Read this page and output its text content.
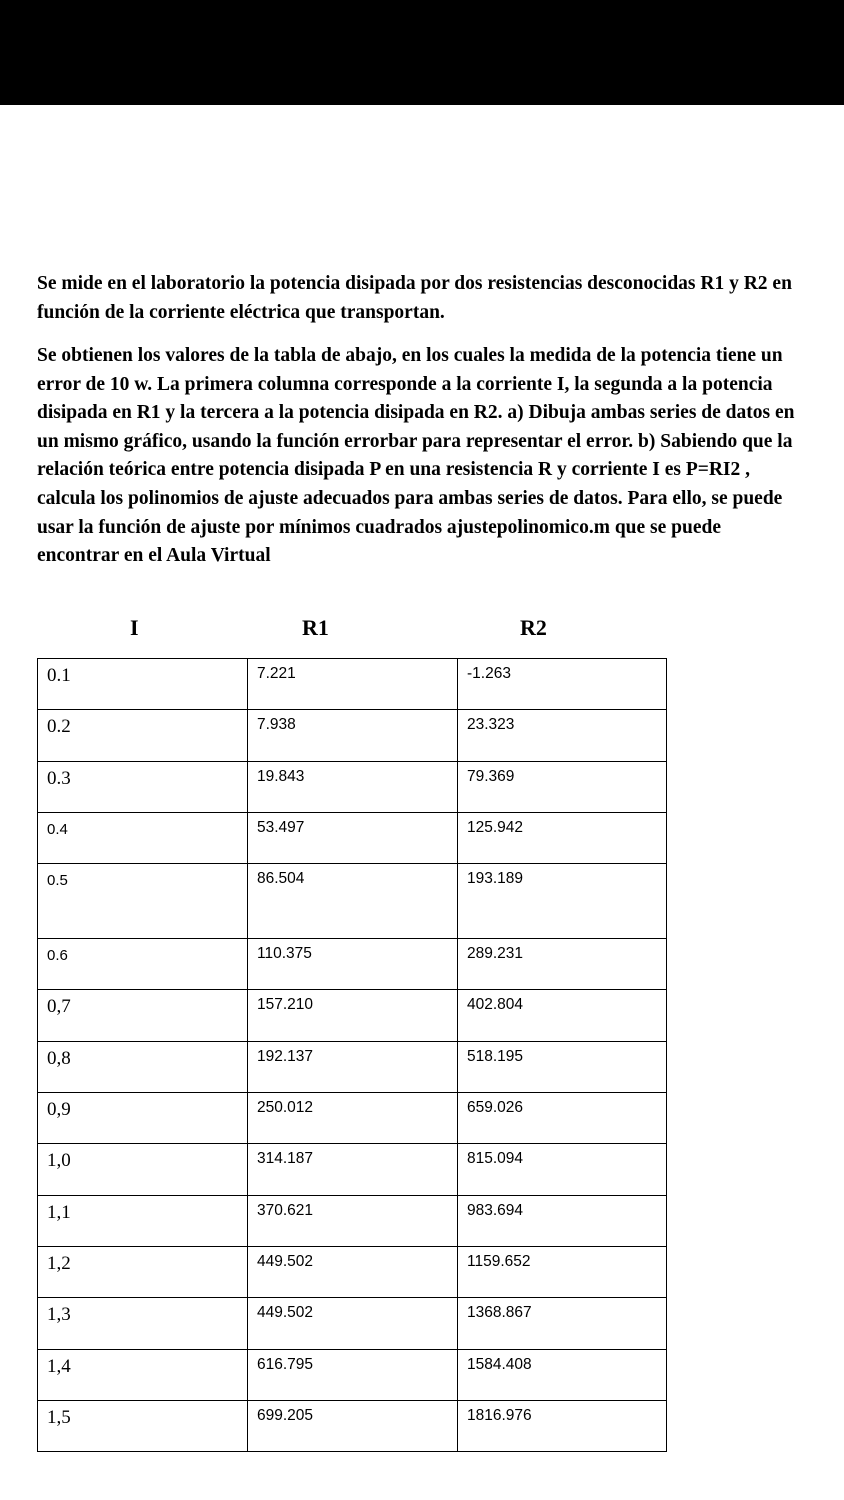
Se mide en el laboratorio la potencia disipada por dos resistencias desconocidas R1 y R2 en función de la corriente eléctrica que transportan.

Se obtienen los valores de la tabla de abajo, en los cuales la medida de la potencia tiene un error de 10 w. La primera columna corresponde a la corriente I, la segunda a la potencia disipada en R1 y la tercera a la potencia disipada en R2. a) Dibuja ambas series de datos en un mismo gráfico, usando la función errorbar para representar el error. b) Sabiendo que la relación teórica entre potencia disipada P en una resistencia R y corriente I es P=RI2 , calcula los polinomios de ajuste adecuados para ambas series de datos. Para ello, se puede usar la función de ajuste por mínimos cuadrados ajustepolinomico.m que se puede encontrar en el Aula Virtual

I	R1	R2
0.1	7.221	-1.263
0.2	7.938	23.323
0.3	19.843	79.369
0.4	53.497	125.942
0.5	86.504	193.189
0.6	110.375	289.231
0,7	157.210	402.804
0,8	192.137	518.195
0,9	250.012	659.026
1,0	314.187	815.094
1,1	370.621	983.694
1,2	449.502	1159.652
1,3	449.502	1368.867
1,4	616.795	1584.408
1,5	699.205	1816.976
